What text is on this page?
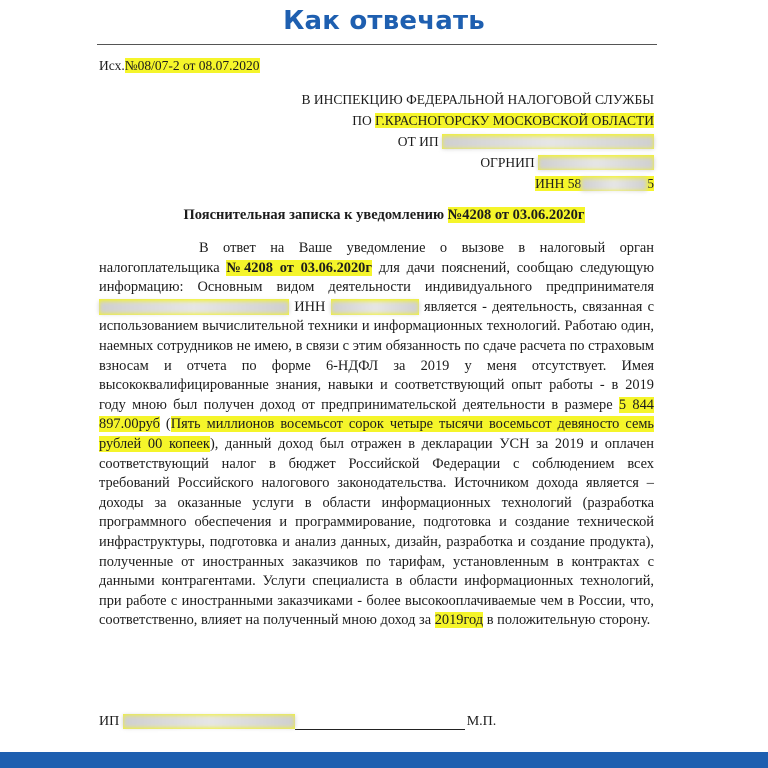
Как отвечать
Исх.№08/07-2 от 08.07.2020
В ИНСПЕКЦИЮ ФЕДЕРАЛЬНОЙ НАЛОГОВОЙ СЛУЖБЫ
ПО Г.КРАСНОГОРСКУ МОСКОВСКОЙ ОБЛАСТИ
ОТ ИП
ОГРНИП
ИНН 58	5
Пояснительная записка к уведомлению №4208 от 03.06.2020г
В ответ на Ваше уведомление о вызове в налоговый орган налогоплательщика №4208 от 03.06.2020г для дачи пояснений, сообщаю следующую информацию: Основным видом деятельности индивидуального предпринимателя  ИНН	является - деятельность, связанная с использованием вычислительной техники и информационных технологий. Работаю один, наемных сотрудников не имею, в связи с этим обязанность по сдаче расчета по страховым взносам и отчета по форме 6-НДФЛ за 2019 у меня отсутствует. Имея высококвалифицированные знания, навыки и соответствующий опыт работы - в 2019 году мною был получен доход от предпринимательской деятельности в размере 5 844 897.00руб (Пять миллионов восемьсот сорок четыре тысячи восемьсот девяносто семь рублей 00 копеек), данный доход был отражен в декларации УСН за 2019 и оплачен соответствующий налог в бюджет Российской Федерации с соблюдением всех требований Российского налогового законодательства. Источником дохода является – доходы за оказанные услуги в области информационных технологий (разработка программного обеспечения и программирование, подготовка и создание технической инфраструктуры, подготовка и анализ данных, дизайн, разработка и создание продукта), полученные от иностранных заказчиков по тарифам, установленным в контрактах с данными контрагентами. Услуги специалиста в области информационных технологий, при работе с иностранными заказчиками - более высокооплачиваемые чем в России, что, соответственно, влияет на полученный мною доход за 2019год в положительную сторону.
ИП	М.П.
